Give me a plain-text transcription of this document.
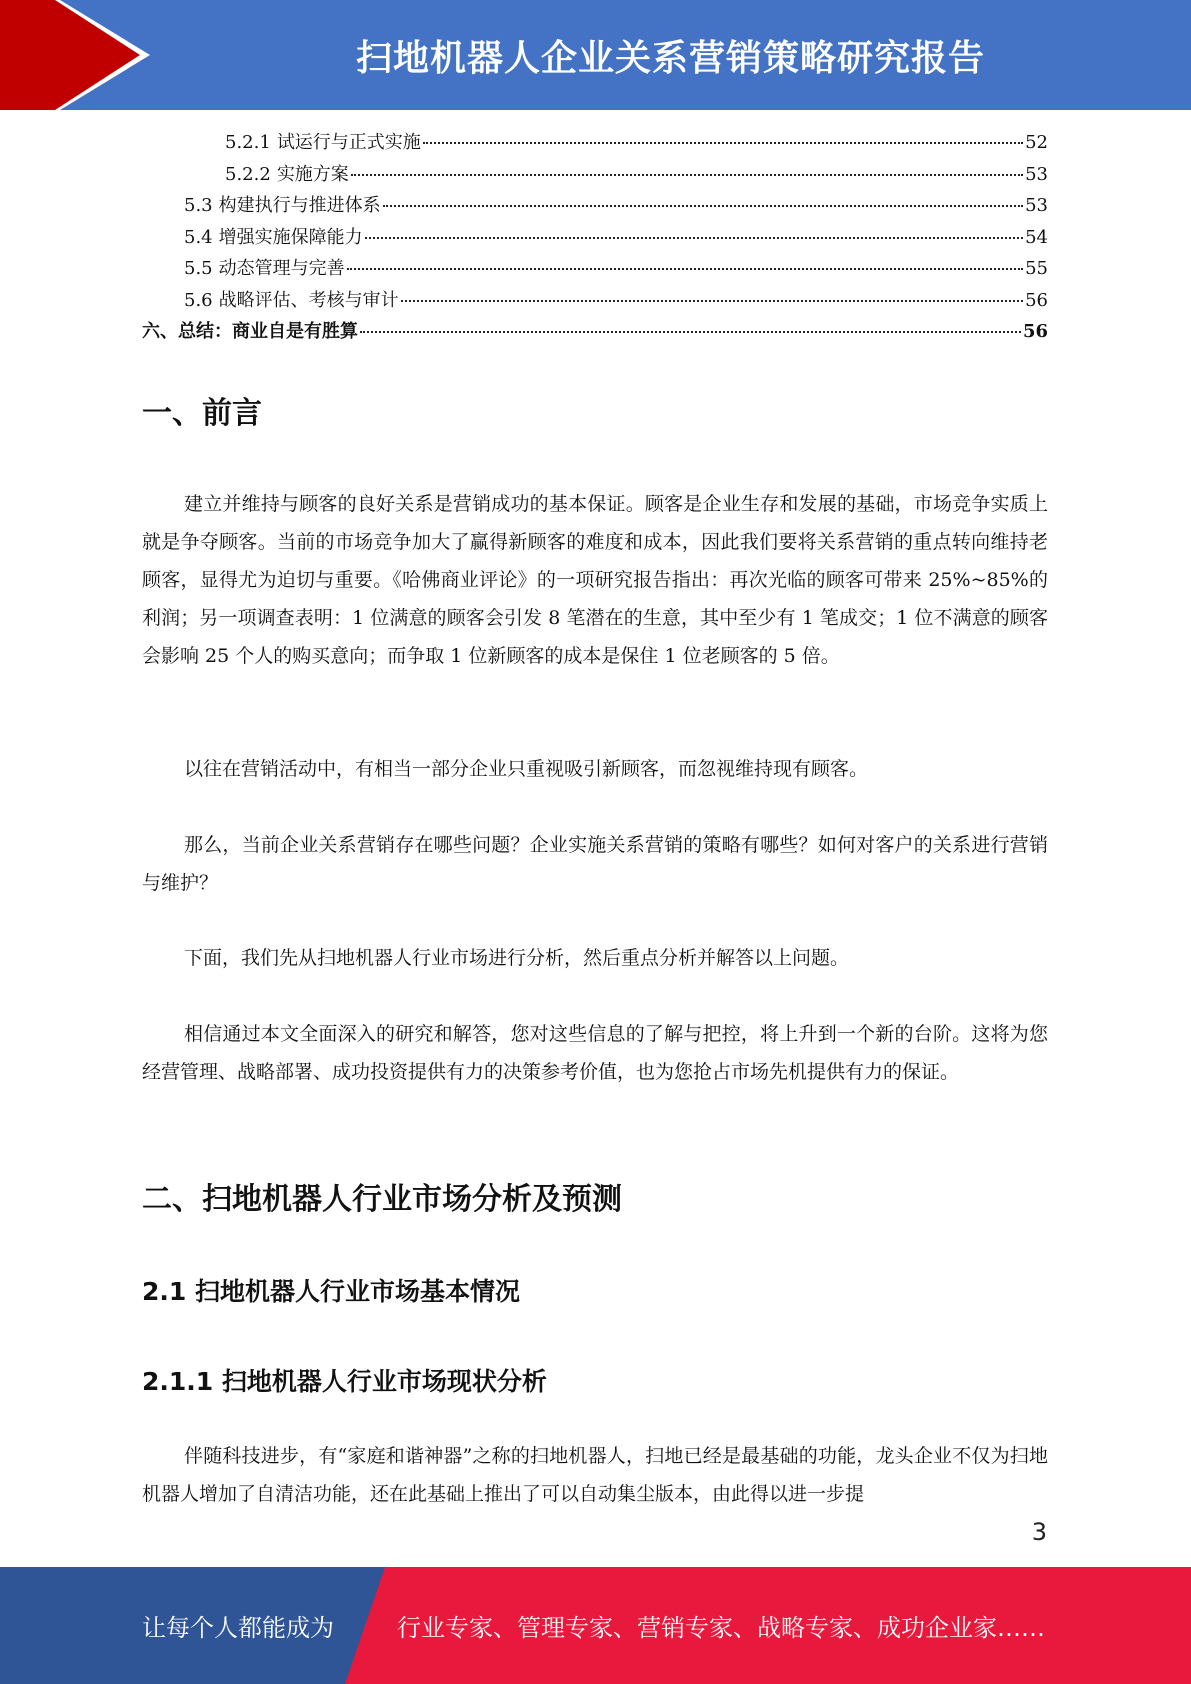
扫地机器人企业关系营销策略研究报告
5.2.1 试运行与正式实施	52
5.2.2 实施方案	53
5.3 构建执行与推进体系	53
5.4 增强实施保障能力	54
5.5 动态管理与完善	55
5.6 战略评估、考核与审计	56
六、总结：商业自是有胜算	56
一、前言

建立并维持与顾客的良好关系是营销成功的基本保证。顾客是企业生存和发展的基础，市场竞争实质上就是争夺顾客。当前的市场竞争加大了赢得新顾客的难度和成本，因此我们要将关系营销的重点转向维持老顾客，显得尤为迫切与重要。《哈佛商业评论》的一项研究报告指出：再次光临的顾客可带来 25%~85%的利润；另一项调查表明：1 位满意的顾客会引发 8 笔潜在的生意，其中至少有 1 笔成交；1 位不满意的顾客会影响 25 个人的购买意向；而争取 1 位新顾客的成本是保住 1 位老顾客的 5 倍。

以往在营销活动中，有相当一部分企业只重视吸引新顾客，而忽视维持现有顾客。

那么，当前企业关系营销存在哪些问题？企业实施关系营销的策略有哪些？如何对客户的关系进行营销与维护？

下面，我们先从扫地机器人行业市场进行分析，然后重点分析并解答以上问题。

相信通过本文全面深入的研究和解答，您对这些信息的了解与把控，将上升到一个新的台阶。这将为您经营管理、战略部署、成功投资提供有力的决策参考价值，也为您抢占市场先机提供有力的保证。

二、扫地机器人行业市场分析及预测
2.1 扫地机器人行业市场基本情况
2.1.1 扫地机器人行业市场现状分析

伴随科技进步，有“家庭和谐神器”之称的扫地机器人，扫地已经是最基础的功能，龙头企业不仅为扫地机器人增加了自清洁功能，还在此基础上推出了可以自动集尘版本，由此得以进一步提

3
让每个人都能成为	行业专家、管理专家、营销专家、战略专家、成功企业家……
